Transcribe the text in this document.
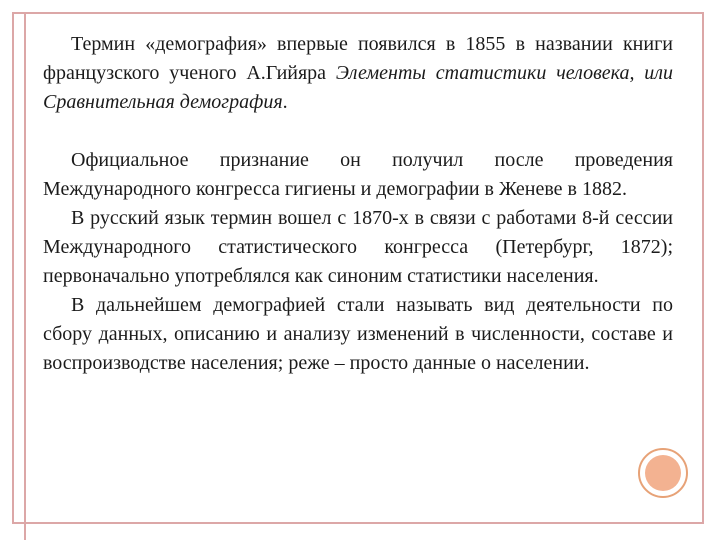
Термин «демография» впервые появился в 1855 в названии книги французского ученого А.Гийяра Элементы статистики человека, или Сравнительная демография.

Официальное признание он получил после проведения Международного конгресса гигиены и демографии в Женеве в 1882.

В русский язык термин вошел с 1870-х в связи с работами 8-й сессии Международного статистического конгресса (Петербург, 1872); первоначально употреблялся как синоним статистики населения.

В дальнейшем демографией стали называть вид деятельности по сбору данных, описанию и анализу изменений в численности, составе и воспроизводстве населения; реже – просто данные о населении.
